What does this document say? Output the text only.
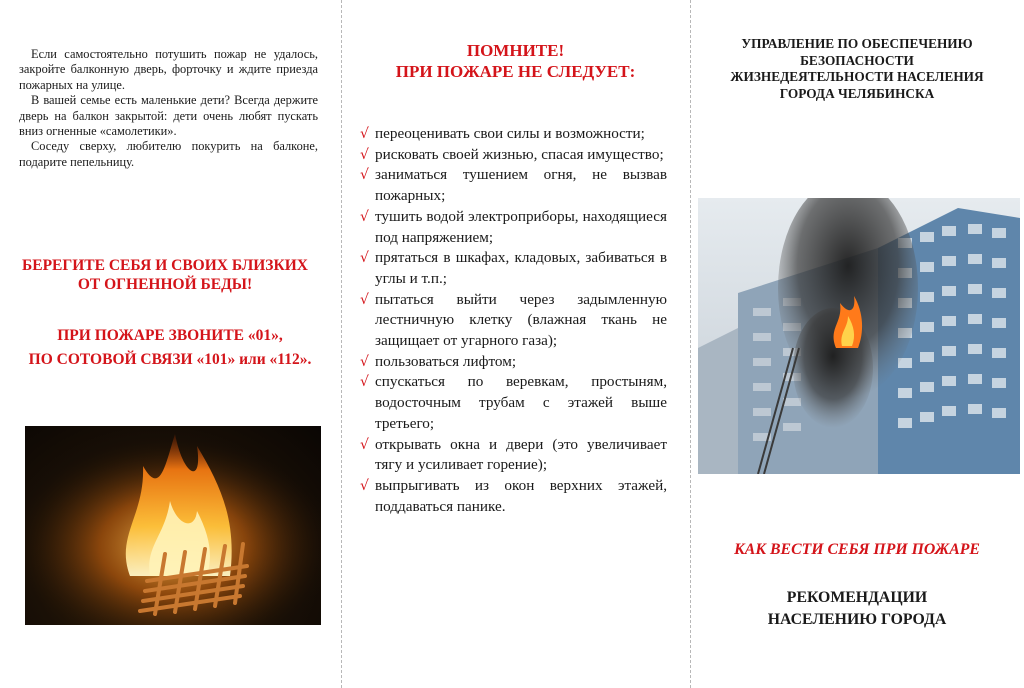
Если самостоятельно потушить пожар не удалось, закройте балконную дверь, форточку и ждите приезда пожарных на улице.

В вашей семье есть маленькие дети? Всегда держите дверь на балкон закрытой: дети очень любят пускать вниз огненные «самолетики».

Соседу сверху, любителю покурить на балконе, подарите пепельницу.

БЕРЕГИТЕ СЕБЯ И СВОИХ БЛИЗКИХ
ОТ ОГНЕННОЙ БЕДЫ!
ПРИ ПОЖАРЕ ЗВОНИТЕ «01»,
ПО СОТОВОЙ СВЯЗИ «101» или «112».
ПОМНИТЕ!
ПРИ ПОЖАРЕ НЕ СЛЕДУЕТ:
√ переоценивать свои силы и возможности;
√ рисковать своей жизнью, спасая имущество;
√ заниматься тушением огня, не вызвав пожарных;
√ тушить водой электроприборы, находящиеся под напряжением;
√ прятаться в шкафах, кладовых, забиваться в углы и т.п.;
√ пытаться выйти через задымленную лестничную клетку (влажная ткань не защищает от угарного газа);
√ пользоваться лифтом;
√ спускаться по веревкам, простыням, водосточным трубам с этажей выше третьего;
√ открывать окна и двери (это увеличивает тягу и усиливает горение);
√ выпрыгивать из окон верхних этажей, поддаваться панике.
УПРАВЛЕНИЕ ПО ОБЕСПЕЧЕНИЮ
БЕЗОПАСНОСТИ
ЖИЗНЕДЕЯТЕЛЬНОСТИ НАСЕЛЕНИЯ
ГОРОДА ЧЕЛЯБИНСКА
КАК ВЕСТИ СЕБЯ ПРИ ПОЖАРЕ
РЕКОМЕНДАЦИИ
НАСЕЛЕНИЮ ГОРОДА
